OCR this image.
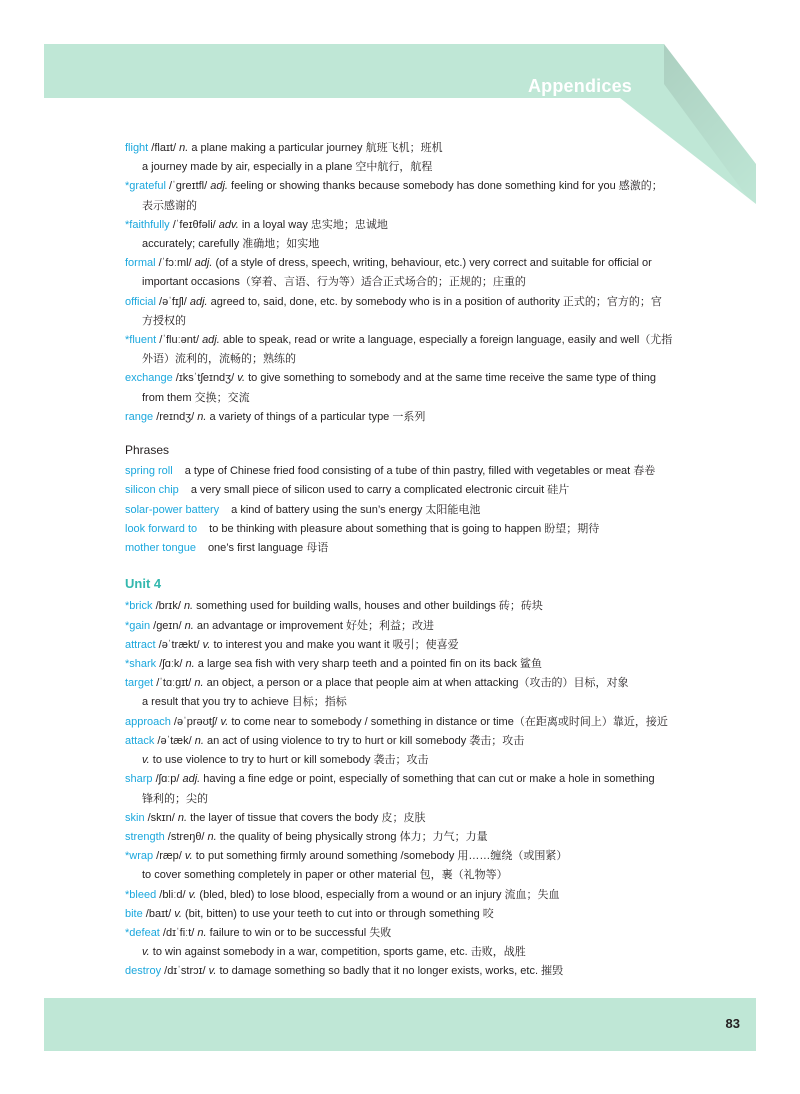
Appendices
flight /flaɪt/ n. a plane making a particular journey 航班飞机；班机
a journey made by air, especially in a plane 空中航行，航程
*grateful /ˈɡreɪtfl/ adj. feeling or showing thanks because somebody has done something kind for you 感激的；
表示感谢的
*faithfully /ˈfeɪθfəli/ adv. in a loyal way 忠实地；忠诚地
accurately; carefully 准确地；如实地
formal /ˈfɔːml/ adj. (of a style of dress, speech, writing, behaviour, etc.) very correct and suitable for official or
important occasions（穿着、言语、行为等）适合正式场合的；正规的；庄重的
official /əˈfɪʃl/ adj. agreed to, said, done, etc. by somebody who is in a position of authority 正式的；官方的；官
方授权的
*fluent /ˈfluːənt/ adj. able to speak, read or write a language, especially a foreign language, easily and well（尤指
外语）流利的，流畅的；熟练的
exchange /ɪksˈtʃeɪndʒ/ v. to give something to somebody and at the same time receive the same type of thing
from them 交换；交流
range /reɪndʒ/ n. a variety of things of a particular type 一系列
Phrases
spring roll a type of Chinese fried food consisting of a tube of thin pastry, filled with vegetables or meat 春卷
silicon chip a very small piece of silicon used to carry a complicated electronic circuit 硅片
solar-power battery a kind of battery using the sun’s energy 太阳能电池
look forward to to be thinking with pleasure about something that is going to happen 盼望；期待
mother tongue one’s first language 母语
Unit 4
*brick /brɪk/ n. something used for building walls, houses and other buildings 砖；砖块
*gain /ɡeɪn/ n. an advantage or improvement 好处；利益；改进
attract /əˈtrækt/ v. to interest you and make you want it 吸引；使喜爱
*shark /ʃɑːk/ n. a large sea fish with very sharp teeth and a pointed fin on its back 鲨鱼
target /ˈtɑːɡɪt/ n. an object, a person or a place that people aim at when attacking（攻击的）目标，对象
a result that you try to achieve 目标；指标
approach /əˈprəʊtʃ/ v. to come near to somebody / something in distance or time（在距离或时间上）靠近，接近
attack /əˈtæk/ n. an act of using violence to try to hurt or kill somebody 袭击；攻击
v. to use violence to try to hurt or kill somebody 袭击；攻击
sharp /ʃɑːp/ adj. having a fine edge or point, especially of something that can cut or make a hole in something
锋利的；尖的
skin /skɪn/ n. the layer of tissue that covers the body 皮；皮肤
strength /streŋθ/ n. the quality of being physically strong 体力；力气；力量
*wrap /ræp/ v. to put something firmly around something /somebody 用……缠绕（或围紧）
to cover something completely in paper or other material 包，裹（礼物等）
*bleed /bliːd/ v. (bled, bled) to lose blood, especially from a wound or an injury 流血；失血
bite /baɪt/ v. (bit, bitten) to use your teeth to cut into or through something 咬
*defeat /dɪˈfiːt/ n. failure to win or to be successful 失败
v. to win against somebody in a war, competition, sports game, etc. 击败，战胜
destroy /dɪˈstrɔɪ/ v. to damage something so badly that it no longer exists, works, etc. 摧毁
83
